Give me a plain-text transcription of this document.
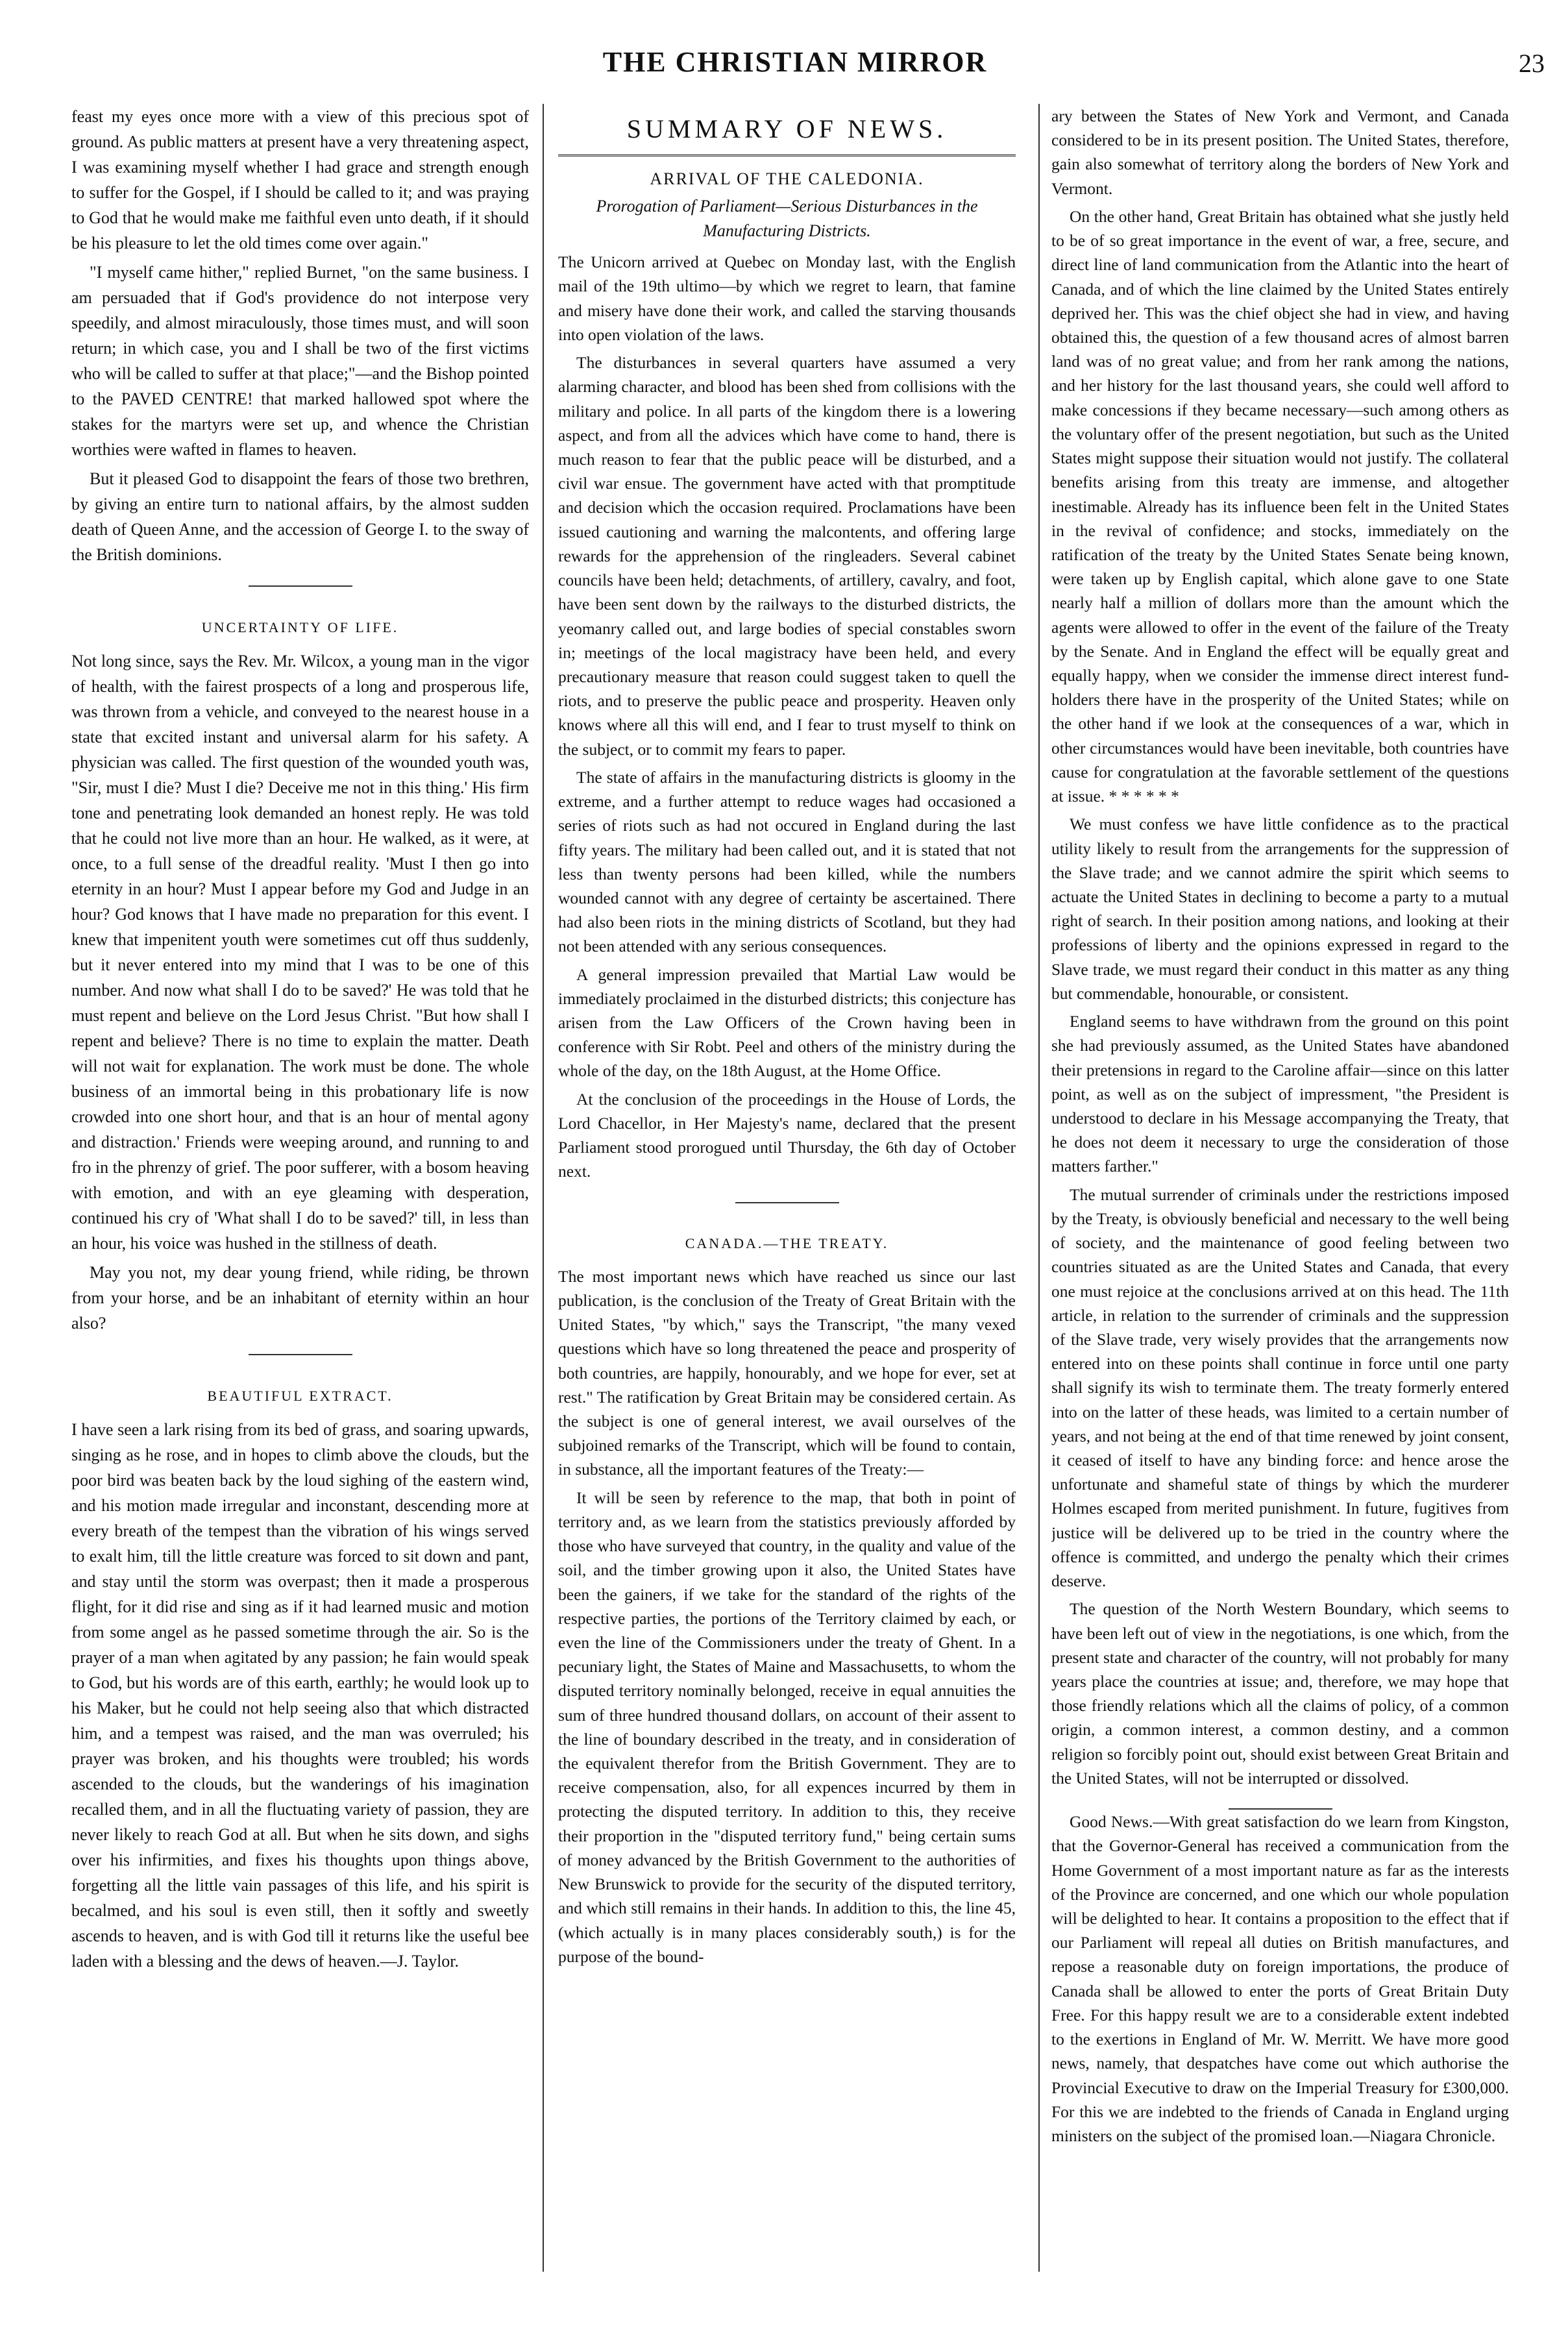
THE CHRISTIAN MIRROR	23

feast my eyes once more with a view of this precious spot of ground. As public matters at present have a very threatening aspect, I was examining myself whether I had grace and strength enough to suffer for the Gospel, if I should be called to it; and was praying to God that he would make me faithful even unto death, if it should be his pleasure to let the old times come over again."

"I myself came hither," replied Burnet, "on the same business. I am persuaded that if God's providence do not interpose very speedily, and almost miraculously, those times must, and will soon return; in which case, you and I shall be two of the first victims who will be called to suffer at that place;"—and the Bishop pointed to the PAVED CENTRE! that marked hallowed spot where the stakes for the martyrs were set up, and whence the Christian worthies were wafted in flames to heaven.

But it pleased God to disappoint the fears of those two brethren, by giving an entire turn to national affairs, by the almost sudden death of Queen Anne, and the accession of George I. to the sway of the British dominions.

UNCERTAINTY OF LIFE.

Not long since, says the Rev. Mr. Wilcox, a young man in the vigor of health, with the fairest prospects of a long and prosperous life, was thrown from a vehicle, and conveyed to the nearest house in a state that excited instant and universal alarm for his safety. A physician was called. The first question of the wounded youth was, "Sir, must I die? Must I die? Deceive me not in this thing.' His firm tone and penetrating look demanded an honest reply. He was told that he could not live more than an hour. He walked, as it were, at once, to a full sense of the dreadful reality. 'Must I then go into eternity in an hour? Must I appear before my God and Judge in an hour? God knows that I have made no preparation for this event. I knew that impenitent youth were sometimes cut off thus suddenly, but it never entered into my mind that I was to be one of this number. And now what shall I do to be saved?' He was told that he must repent and believe on the Lord Jesus Christ. "But how shall I repent and believe? There is no time to explain the matter. Death will not wait for explanation. The work must be done. The whole business of an immortal being in this probationary life is now crowded into one short hour, and that is an hour of mental agony and distraction.' Friends were weeping around, and running to and fro in the phrenzy of grief. The poor sufferer, with a bosom heaving with emotion, and with an eye gleaming with desperation, continued his cry of 'What shall I do to be saved?' till, in less than an hour, his voice was hushed in the stillness of death.

May you not, my dear young friend, while riding, be thrown from your horse, and be an inhabitant of eternity within an hour also?

BEAUTIFUL EXTRACT.

I have seen a lark rising from its bed of grass, and soaring upwards, singing as he rose, and in hopes to climb above the clouds, but the poor bird was beaten back by the loud sighing of the eastern wind, and his motion made irregular and inconstant, descending more at every breath of the tempest than the vibration of his wings served to exalt him, till the little creature was forced to sit down and pant, and stay until the storm was overpast; then it made a prosperous flight, for it did rise and sing as if it had learned music and motion from some angel as he passed sometime through the air. So is the prayer of a man when agitated by any passion; he fain would speak to God, but his words are of this earth, earthly; he would look up to his Maker, but he could not help seeing also that which distracted him, and a tempest was raised, and the man was overruled; his prayer was broken, and his thoughts were troubled; his words ascended to the clouds, but the wanderings of his imagination recalled them, and in all the fluctuating variety of passion, they are never likely to reach God at all. But when he sits down, and sighs over his infirmities, and fixes his thoughts upon things above, forgetting all the little vain passages of this life, and his spirit is becalmed, and his soul is even still, then it softly and sweetly ascends to heaven, and is with God till it returns like the useful bee laden with a blessing and the dews of heaven.—J. Taylor.

SUMMARY OF NEWS.
ARRIVAL OF THE CALEDONIA.
Prorogation of Parliament—Serious Disturbances in the Manufacturing Districts.

The Unicorn arrived at Quebec on Monday last, with the English mail of the 19th ultimo—by which we regret to learn, that famine and misery have done their work, and called the starving thousands into open violation of the laws.

The disturbances in several quarters have assumed a very alarming character, and blood has been shed from collisions with the military and police. In all parts of the kingdom there is a lowering aspect, and from all the advices which have come to hand, there is much reason to fear that the public peace will be disturbed, and a civil war ensue. The government have acted with that promptitude and decision which the occasion required. Proclamations have been issued cautioning and warning the malcontents, and offering large rewards for the apprehension of the ringleaders. Several cabinet councils have been held; detachments, of artillery, cavalry, and foot, have been sent down by the railways to the disturbed districts, the yeomanry called out, and large bodies of special constables sworn in; meetings of the local magistracy have been held, and every precautionary measure that reason could suggest taken to quell the riots, and to preserve the public peace and prosperity. Heaven only knows where all this will end, and I fear to trust myself to think on the subject, or to commit my fears to paper.

The state of affairs in the manufacturing districts is gloomy in the extreme, and a further attempt to reduce wages had occasioned a series of riots such as had not occured in England during the last fifty years. The military had been called out, and it is stated that not less than twenty persons had been killed, while the numbers wounded cannot with any degree of certainty be ascertained. There had also been riots in the mining districts of Scotland, but they had not been attended with any serious consequences.

A general impression prevailed that Martial Law would be immediately proclaimed in the disturbed districts; this conjecture has arisen from the Law Officers of the Crown having been in conference with Sir Robt. Peel and others of the ministry during the whole of the day, on the 18th August, at the Home Office.

At the conclusion of the proceedings in the House of Lords, the Lord Chacellor, in Her Majesty's name, declared that the present Parliament stood prorogued until Thursday, the 6th day of October next.

CANADA.—THE TREATY.

The most important news which have reached us since our last publication, is the conclusion of the Treaty of Great Britain with the United States, "by which," says the Transcript, "the many vexed questions which have so long threatened the peace and prosperity of both countries, are happily, honourably, and we hope for ever, set at rest." The ratification by Great Britain may be considered certain. As the subject is one of general interest, we avail ourselves of the subjoined remarks of the Transcript, which will be found to contain, in substance, all the important features of the Treaty:—

It will be seen by reference to the map, that both in point of territory and, as we learn from the statistics previously afforded by those who have surveyed that country, in the quality and value of the soil, and the timber growing upon it also, the United States have been the gainers, if we take for the standard of the rights of the respective parties, the portions of the Territory claimed by each, or even the line of the Commissioners under the treaty of Ghent. In a pecuniary light, the States of Maine and Massachusetts, to whom the disputed territory nominally belonged, receive in equal annuities the sum of three hundred thousand dollars, on account of their assent to the line of boundary described in the treaty, and in consideration of the equivalent therefor from the British Government. They are to receive compensation, also, for all expences incurred by them in protecting the disputed territory. In addition to this, they receive their proportion in the "disputed territory fund," being certain sums of money advanced by the British Government to the authorities of New Brunswick to provide for the security of the disputed territory, and which still remains in their hands. In addition to this, the line 45, (which actually is in many places considerably south,) is for the purpose of the bound-

ary between the States of New York and Vermont, and Canada considered to be in its present position. The United States, therefore, gain also somewhat of territory along the borders of New York and Vermont.

On the other hand, Great Britain has obtained what she justly held to be of so great importance in the event of war, a free, secure, and direct line of land communication from the Atlantic into the heart of Canada, and of which the line claimed by the United States entirely deprived her. This was the chief object she had in view, and having obtained this, the question of a few thousand acres of almost barren land was of no great value; and from her rank among the nations, and her history for the last thousand years, she could well afford to make concessions if they became necessary—such among others as the voluntary offer of the present negotiation, but such as the United States might suppose their situation would not justify. The collateral benefits arising from this treaty are immense, and altogether inestimable. Already has its influence been felt in the United States in the revival of confidence; and stocks, immediately on the ratification of the treaty by the United States Senate being known, were taken up by English capital, which alone gave to one State nearly half a million of dollars more than the amount which the agents were allowed to offer in the event of the failure of the Treaty by the Senate. And in England the effect will be equally great and equally happy, when we consider the immense direct interest fund-holders there have in the prosperity of the United States; while on the other hand if we look at the consequences of a war, which in other circumstances would have been inevitable, both countries have cause for congratulation at the favorable settlement of the questions at issue. * * * * * *

We must confess we have little confidence as to the practical utility likely to result from the arrangements for the suppression of the Slave trade; and we cannot admire the spirit which seems to actuate the United States in declining to become a party to a mutual right of search. In their position among nations, and looking at their professions of liberty and the opinions expressed in regard to the Slave trade, we must regard their conduct in this matter as any thing but commendable, honourable, or consistent.

England seems to have withdrawn from the ground on this point she had previously assumed, as the United States have abandoned their pretensions in regard to the Caroline affair—since on this latter point, as well as on the subject of impressment, "the President is understood to declare in his Message accompanying the Treaty, that he does not deem it necessary to urge the consideration of those matters farther."

The mutual surrender of criminals under the restrictions imposed by the Treaty, is obviously beneficial and necessary to the well being of society, and the maintenance of good feeling between two countries situated as are the United States and Canada, that every one must rejoice at the conclusions arrived at on this head. The 11th article, in relation to the surrender of criminals and the suppression of the Slave trade, very wisely provides that the arrangements now entered into on these points shall continue in force until one party shall signify its wish to terminate them. The treaty formerly entered into on the latter of these heads, was limited to a certain number of years, and not being at the end of that time renewed by joint consent, it ceased of itself to have any binding force: and hence arose the unfortunate and shameful state of things by which the murderer Holmes escaped from merited punishment. In future, fugitives from justice will be delivered up to be tried in the country where the offence is committed, and undergo the penalty which their crimes deserve.

The question of the North Western Boundary, which seems to have been left out of view in the negotiations, is one which, from the present state and character of the country, will not probably for many years place the countries at issue; and, therefore, we may hope that those friendly relations which all the claims of policy, of a common origin, a common interest, a common destiny, and a common religion so forcibly point out, should exist between Great Britain and the United States, will not be interrupted or dissolved.

Good News.—With great satisfaction do we learn from Kingston, that the Governor-General has received a communication from the Home Government of a most important nature as far as the interests of the Province are concerned, and one which our whole population will be delighted to hear. It contains a proposition to the effect that if our Parliament will repeal all duties on British manufactures, and repose a reasonable duty on foreign importations, the produce of Canada shall be allowed to enter the ports of Great Britain Duty Free. For this happy result we are to a considerable extent indebted to the exertions in England of Mr. W. Merritt. We have more good news, namely, that despatches have come out which authorise the Provincial Executive to draw on the Imperial Treasury for £300,000. For this we are indebted to the friends of Canada in England urging ministers on the subject of the promised loan.—Niagara Chronicle.
